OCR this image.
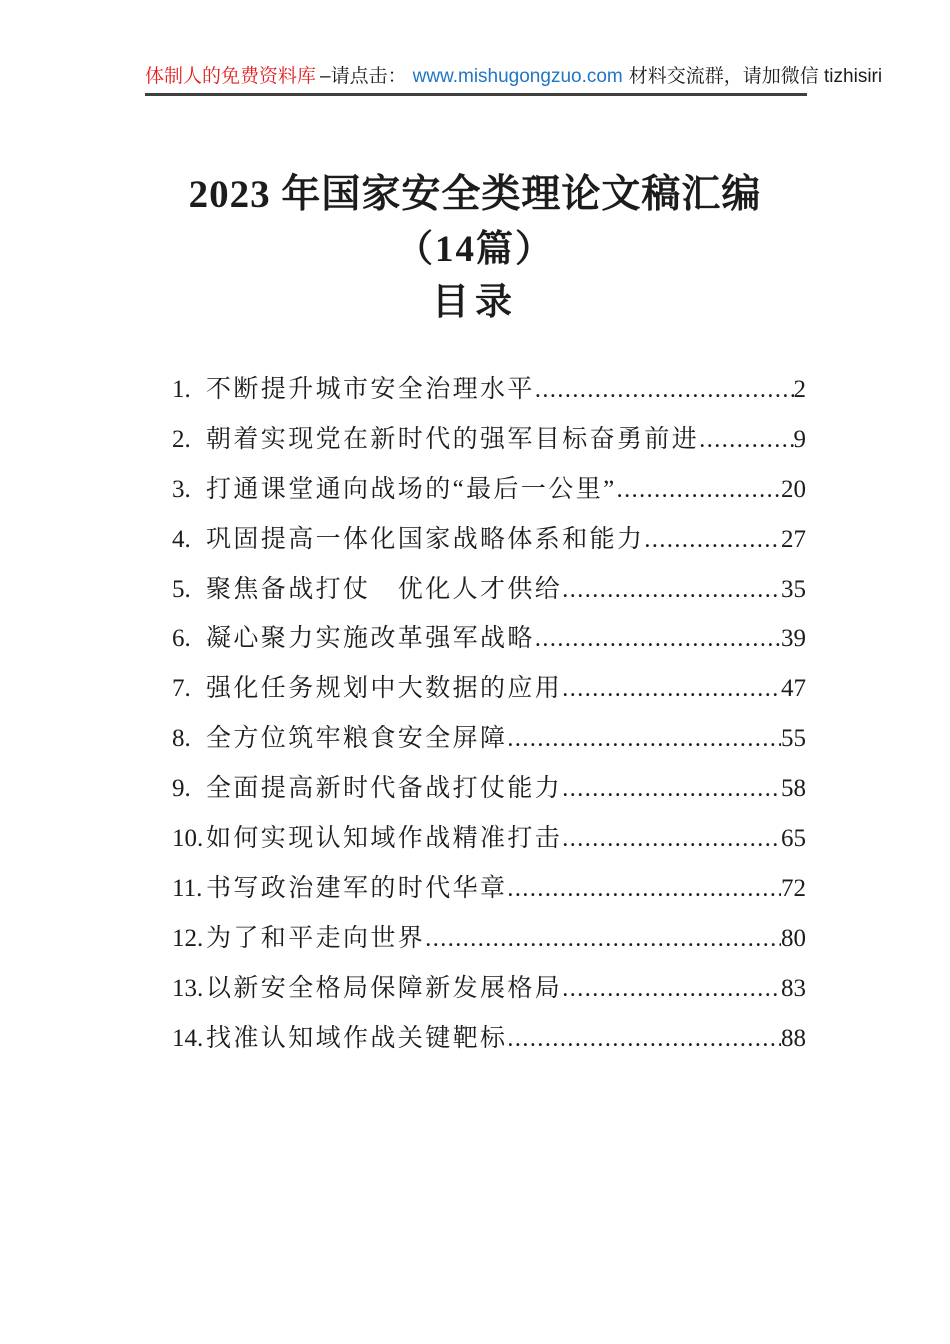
体制人的免费资料库 –请点击： www.mishugongzuo.com 材料交流群，请加微信 tizhisiri
2023 年国家安全类理论文稿汇编
（14篇）
目录
1. 不断提升城市安全治理水平 .....	2
2. 朝着实现党在新时代的强军目标奋勇前进 .....	9
3. 打通课堂通向战场的“最后一公里” .....	20
4. 巩固提高一体化国家战略体系和能力 .....	27
5. 聚焦备战打仗　优化人才供给 .....	35
6. 凝心聚力实施改革强军战略 .....	39
7. 强化任务规划中大数据的应用 .....	47
8. 全方位筑牢粮食安全屏障 .....	55
9. 全面提高新时代备战打仗能力 .....	58
10. 如何实现认知域作战精准打击 .....	65
11. 书写政治建军的时代华章 .....	72
12. 为了和平走向世界 .....	80
13. 以新安全格局保障新发展格局 .....	83
14. 找准认知域作战关键靶标 .....	88
